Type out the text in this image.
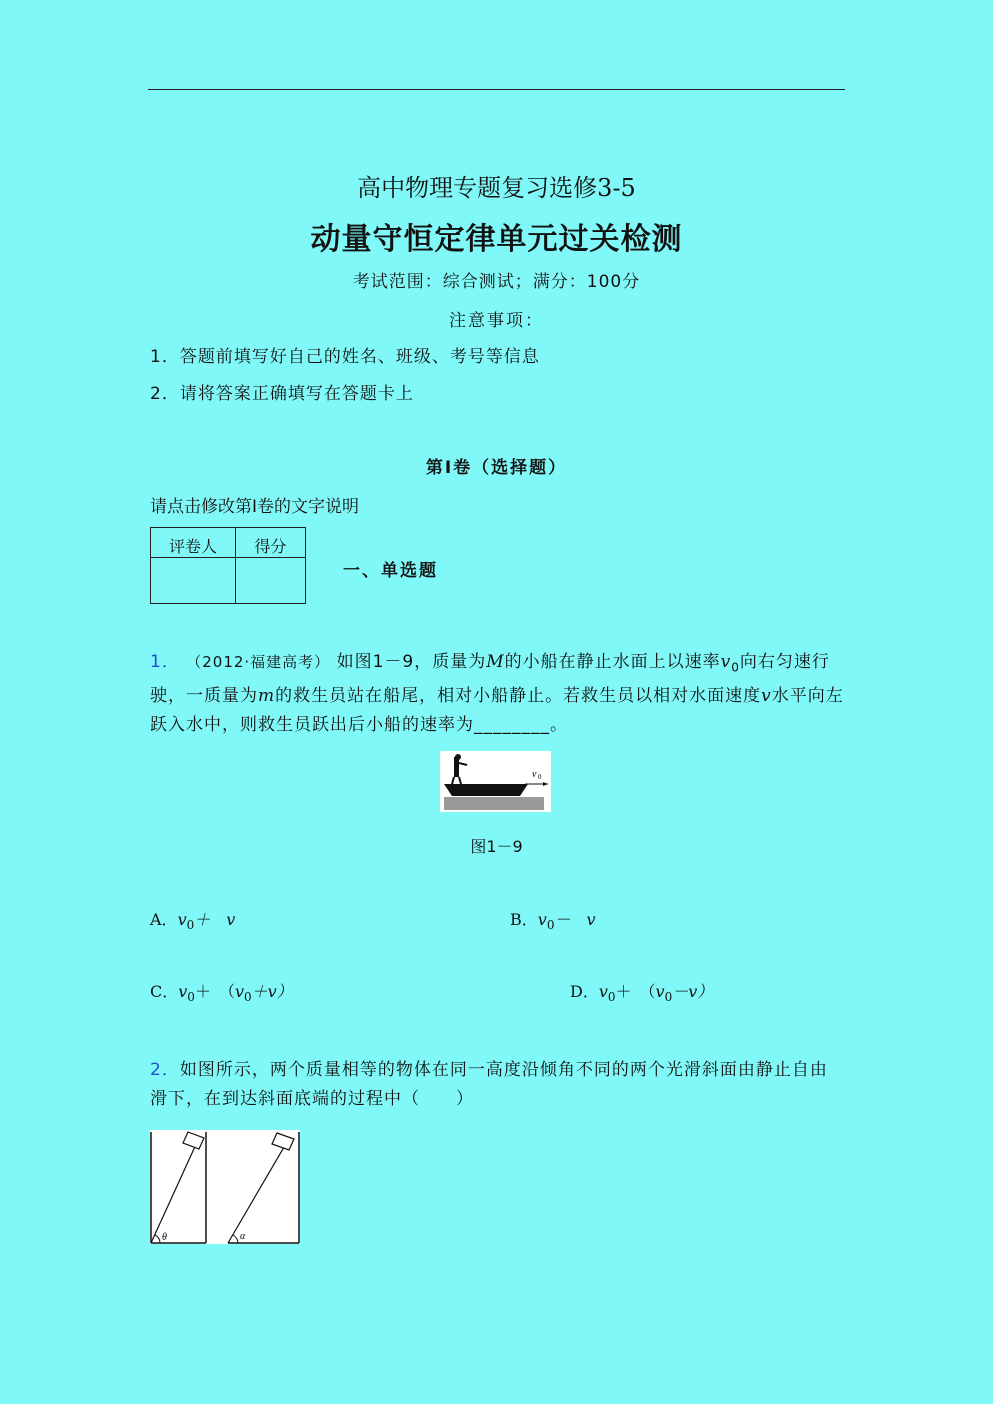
高中物理专题复习选修3-5
动量守恒定律单元过关检测
考试范围：综合测试；满分：100分
注意事项：
1．答题前填写好自己的姓名、班级、考号等信息
2．请将答案正确填写在答题卡上
第I卷（选择题）
请点击修改第I卷的文字说明
评卷人	得分

一、单选题
1． （2012·福建高考） 如图1－9，质量为M的小船在静止水面上以速率$v_0$向右匀速行驶，一质量为m的救生员站在船尾，相对小船静止。若救生员以相对水面速度v水平向左跃入水中，则救生员跃出后小船的速率为________。
v 0
图1－9
A．$v_0+$　v	B．$v_0-$　v
C．$v_0+$　$(v_0+v)$	D．$v_0+$　$(v_0-v)$
2．如图所示，两个质量相等的物体在同一高度沿倾角不同的两个光滑斜面由静止自由滑下，在到达斜面底端的过程中（　　）
θ	α
